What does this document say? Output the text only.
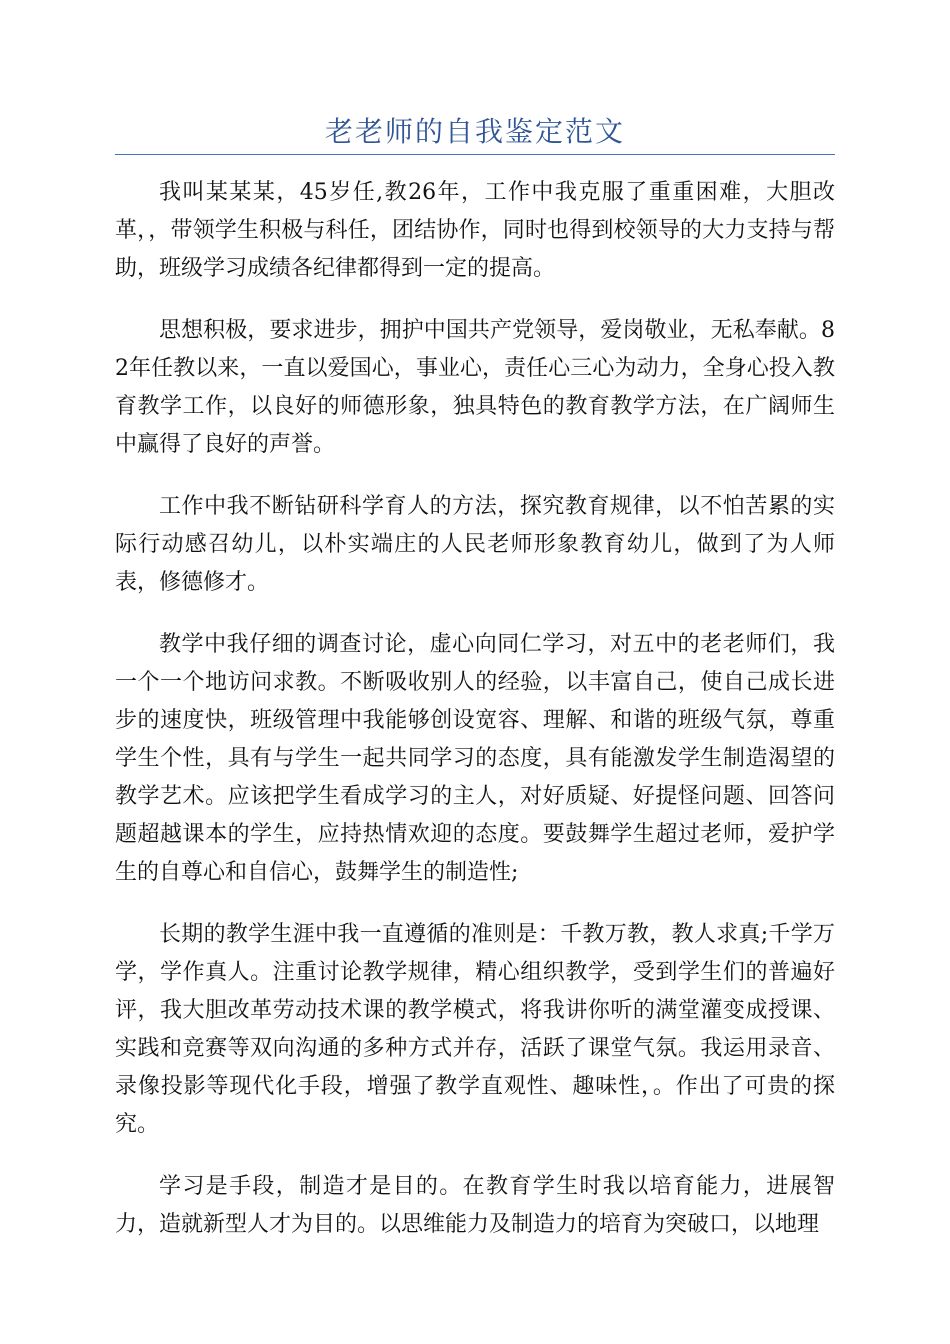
老老师的自我鉴定范文

我叫某某某，45岁任,教26年，工作中我克服了重重困难，大胆改革，，带领学生积极与科任，团结协作，同时也得到校领导的大力支持与帮助，班级学习成绩各纪律都得到一定的提高。

思想积极，要求进步，拥护中国共产党领导，爱岗敬业，无私奉献。82年任教以来，一直以爱国心，事业心，责任心三心为动力，全身心投入教育教学工作，以良好的师德形象，独具特色的教育教学方法，在广阔师生中赢得了良好的声誉。

工作中我不断钻研科学育人的方法，探究教育规律，以不怕苦累的实际行动感召幼儿，以朴实端庄的人民老师形象教育幼儿，做到了为人师表，修德修才。

教学中我仔细的调查讨论，虚心向同仁学习，对五中的老老师们，我一个一个地访问求教。不断吸收别人的经验，以丰富自己，使自己成长进步的速度快，班级管理中我能够创设宽容、理解、和谐的班级气氛，尊重学生个性，具有与学生一起共同学习的态度，具有能激发学生制造渴望的教学艺术。应该把学生看成学习的主人，对好质疑、好提怪问题、回答问题超越课本的学生，应持热情欢迎的态度。要鼓舞学生超过老师，爱护学生的自尊心和自信心，鼓舞学生的制造性;

长期的教学生涯中我一直遵循的准则是：千教万教，教人求真;千学万学，学作真人。注重讨论教学规律，精心组织教学，受到学生们的普遍好评，我大胆改革劳动技术课的教学模式，将我讲你听的满堂灌变成授课、实践和竞赛等双向沟通的多种方式并存，活跃了课堂气氛。我运用录音、录像投影等现代化手段，增强了教学直观性、趣味性，。作出了可贵的探究。

学习是手段，制造才是目的。在教育学生时我以培育能力，进展智力，造就新型人才为目的。以思维能力及制造力的培育为突破口，以地理
